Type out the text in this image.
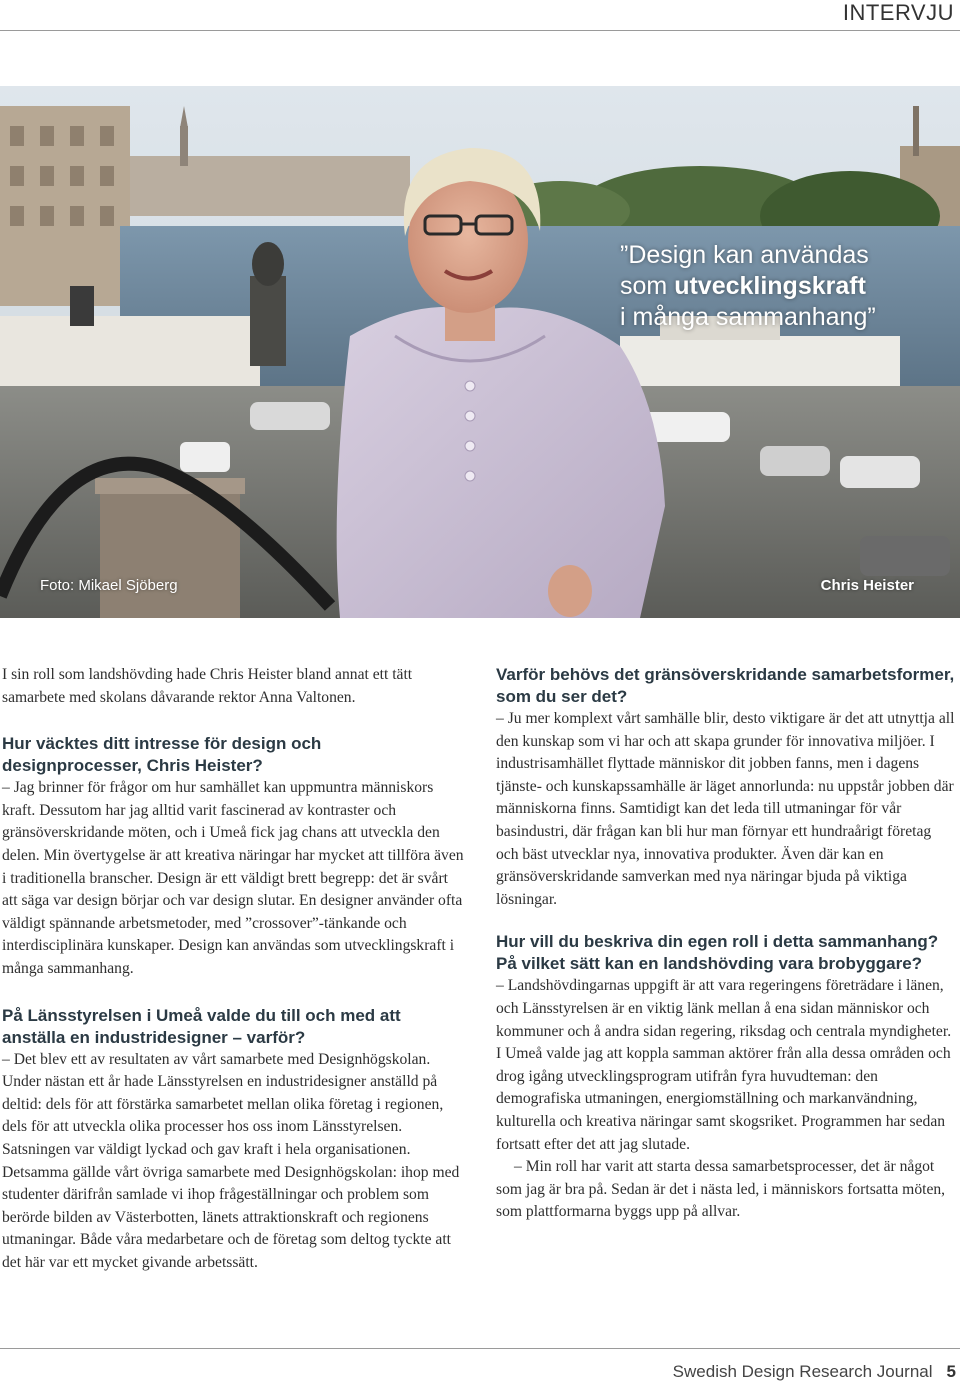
INTERVJU
”Design kan användas
som utvecklingskraft
i många sammanhang”
Foto: Mikael Sjöberg	Chris Heister

I sin roll som landshövding hade Chris Heister bland annat ett tätt samarbete med skolans dåvarande rektor Anna Valtonen.

Hur väcktes ditt intresse för design och designprocesser, Chris Heister?

– Jag brinner för frågor om hur samhället kan uppmuntra människors kraft. Dessutom har jag alltid varit fascinerad av kontraster och gränsöverskridande möten, och i Umeå fick jag chans att utveckla den delen. Min övertygelse är att kreativa näringar har mycket att tillföra även i traditionella branscher. Design är ett väldigt brett begrepp: det är svårt att säga var design börjar och var design slutar. En designer använder ofta väldigt spännande arbetsmetoder, med ”crossover”-tänkande och interdisciplinära kunskaper. Design kan användas som utvecklingskraft i många sammanhang.

På Länsstyrelsen i Umeå valde du till och med att anställa en industridesigner – varför?

– Det blev ett av resultaten av vårt samarbete med Designhögskolan. Under nästan ett år hade Länsstyrelsen en industridesigner anställd på deltid: dels för att förstärka samarbetet mellan olika företag i regionen, dels för att utveckla olika processer hos oss inom Länsstyrelsen. Satsningen var väldigt lyckad och gav kraft i hela organisationen. Detsamma gällde vårt övriga samarbete med Designhögskolan: ihop med studenter därifrån samlade vi ihop frågeställningar och problem som berörde bilden av Västerbotten, länets attraktionskraft och regionens utmaningar. Både våra medarbetare och de företag som deltog tyckte att det här var ett mycket givande arbetssätt.

Varför behövs det gränsöverskridande samarbetsformer, som du ser det?

– Ju mer komplext vårt samhälle blir, desto viktigare är det att utnyttja all den kunskap som vi har och att skapa grunder för innovativa miljöer. I industrisamhället flyttade människor dit jobben fanns, men i dagens tjänste- och kunskapssamhälle är läget annorlunda: nu uppstår jobben där människorna finns. Samtidigt kan det leda till utmaningar för vår basindustri, där frågan kan bli hur man förnyar ett hundraårigt företag och bäst utvecklar nya, innovativa produkter. Även där kan en gränsöverskridande samverkan med nya näringar bjuda på viktiga lösningar.

Hur vill du beskriva din egen roll i detta sammanhang? På vilket sätt kan en landshövding vara brobyggare?

– Landshövdingarnas uppgift är att vara regeringens företrädare i länen, och Länsstyrelsen är en viktig länk mellan å ena sidan människor och kommuner och å andra sidan regering, riksdag och centrala myndigheter. I Umeå valde jag att koppla samman aktörer från alla dessa områden och drog igång utvecklingsprogram utifrån fyra huvudteman: den demografiska utmaningen, energiomställning och markanvändning, kulturella och kreativa näringar samt skogsriket. Programmen har sedan fortsatt efter det att jag slutade.

– Min roll har varit att starta dessa samarbetsprocesser, det är något som jag är bra på. Sedan är det i nästa led, i människors fortsatta möten, som plattformarna byggs upp på allvar.

Swedish Design Research Journal 5
